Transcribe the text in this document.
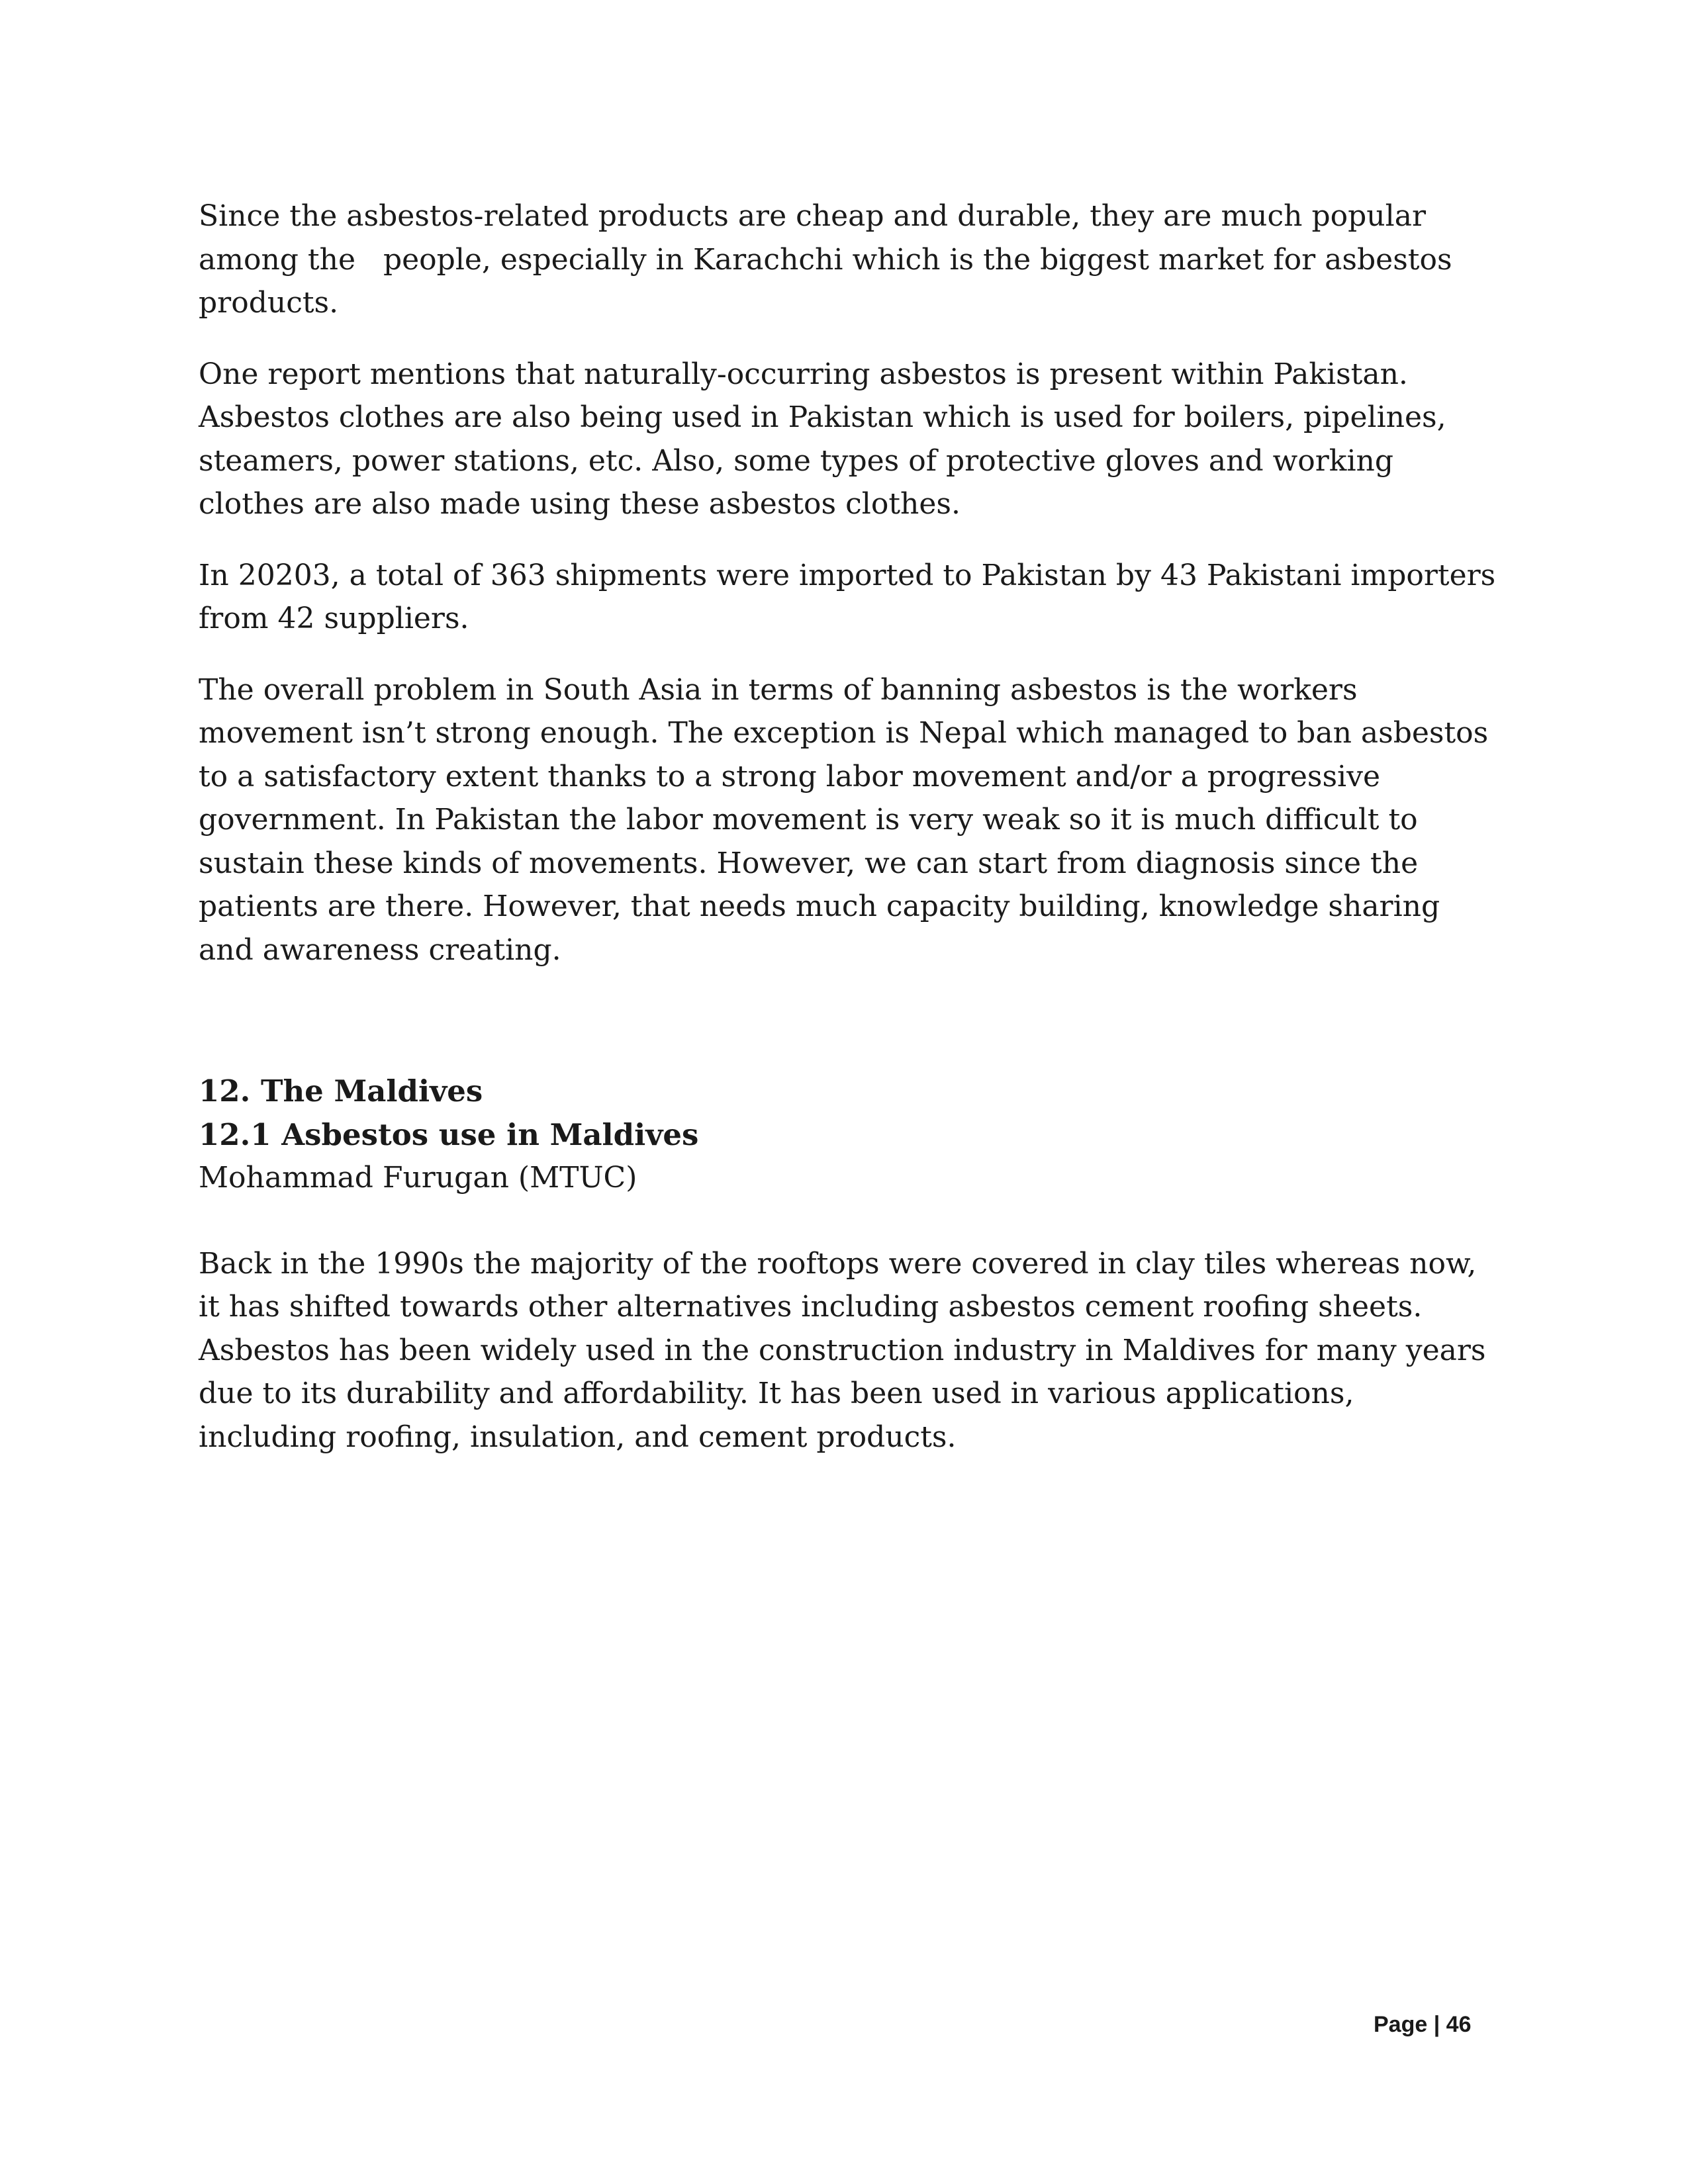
Since the asbestos-related products are cheap and durable, they are much popular among the   people, especially in Karachchi which is the biggest market for asbestos products.

One report mentions that naturally-occurring asbestos is present within Pakistan. Asbestos clothes are also being used in Pakistan which is used for boilers, pipelines, steamers, power stations, etc. Also, some types of protective gloves and working clothes are also made using these asbestos clothes.

In 20203, a total of 363 shipments were imported to Pakistan by 43 Pakistani importers from 42 suppliers.

The overall problem in South Asia in terms of banning asbestos is the workers movement isn’t strong enough. The exception is Nepal which managed to ban asbestos to a satisfactory extent thanks to a strong labor movement and/or a progressive government. In Pakistan the labor movement is very weak so it is much difficult to sustain these kinds of movements. However, we can start from diagnosis since the patients are there. However, that needs much capacity building, knowledge sharing and awareness creating.

12. The Maldives

12.1 Asbestos use in Maldives

Mohammad Furugan (MTUC)

Back in the 1990s the majority of the rooftops were covered in clay tiles whereas now, it has shifted towards other alternatives including asbestos cement roofing sheets. Asbestos has been widely used in the construction industry in Maldives for many years due to its durability and affordability. It has been used in various applications, including roofing, insulation, and cement products.

Page | 46
